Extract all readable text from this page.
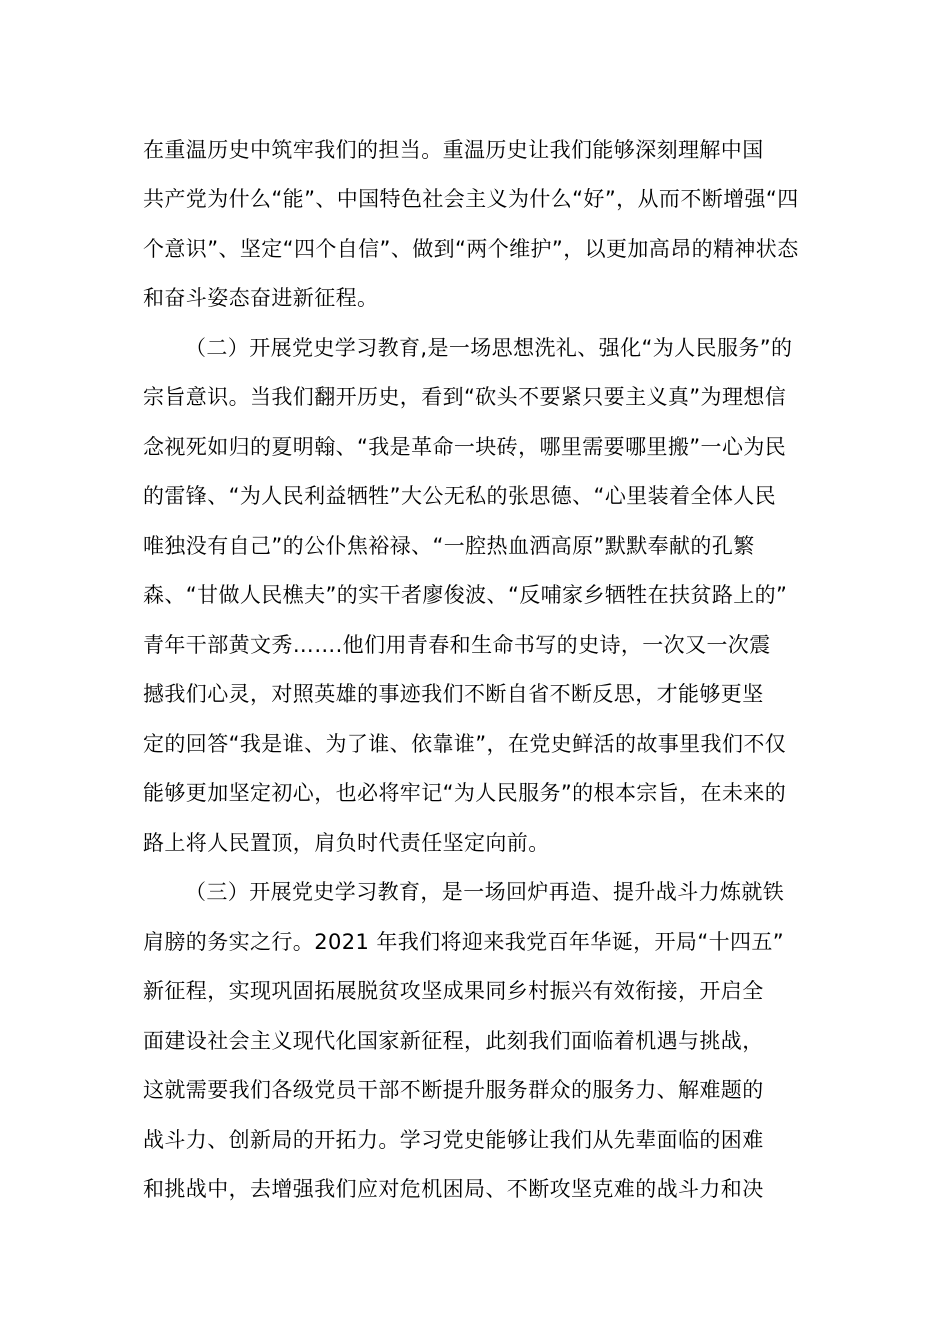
在重温历史中筑牢我们的担当。重温历史让我们能够深刻理解中国
共产党为什么“能”、中国特色社会主义为什么“好”，从而不断增强“四
个意识”、坚定“四个自信”、做到“两个维护”，以更加高昂的精神状态
和奋斗姿态奋进新征程。
（二）开展党史学习教育,是一场思想洗礼、强化“为人民服务”的
宗旨意识。当我们翻开历史，看到“砍头不要紧只要主义真”为理想信
念视死如归的夏明翰、“我是革命一块砖，哪里需要哪里搬”一心为民
的雷锋、“为人民利益牺牲”大公无私的张思德、“心里装着全体人民
唯独没有自己”的公仆焦裕禄、“一腔热血洒高原”默默奉献的孔繁
森、“甘做人民樵夫”的实干者廖俊波、“反哺家乡牺牲在扶贫路上的”
青年干部黄文秀…….他们用青春和生命书写的史诗，一次又一次震
撼我们心灵，对照英雄的事迹我们不断自省不断反思，才能够更坚
定的回答“我是谁、为了谁、依靠谁”，在党史鲜活的故事里我们不仅
能够更加坚定初心，也必将牢记“为人民服务”的根本宗旨，在未来的
路上将人民置顶，肩负时代责任坚定向前。
（三）开展党史学习教育，是一场回炉再造、提升战斗力炼就铁
肩膀的务实之行。2021 年我们将迎来我党百年华诞，开局“十四五”
新征程，实现巩固拓展脱贫攻坚成果同乡村振兴有效衔接，开启全
面建设社会主义现代化国家新征程，此刻我们面临着机遇与挑战，
这就需要我们各级党员干部不断提升服务群众的服务力、解难题的
战斗力、创新局的开拓力。学习党史能够让我们从先辈面临的困难
和挑战中，去增强我们应对危机困局、不断攻坚克难的战斗力和决
